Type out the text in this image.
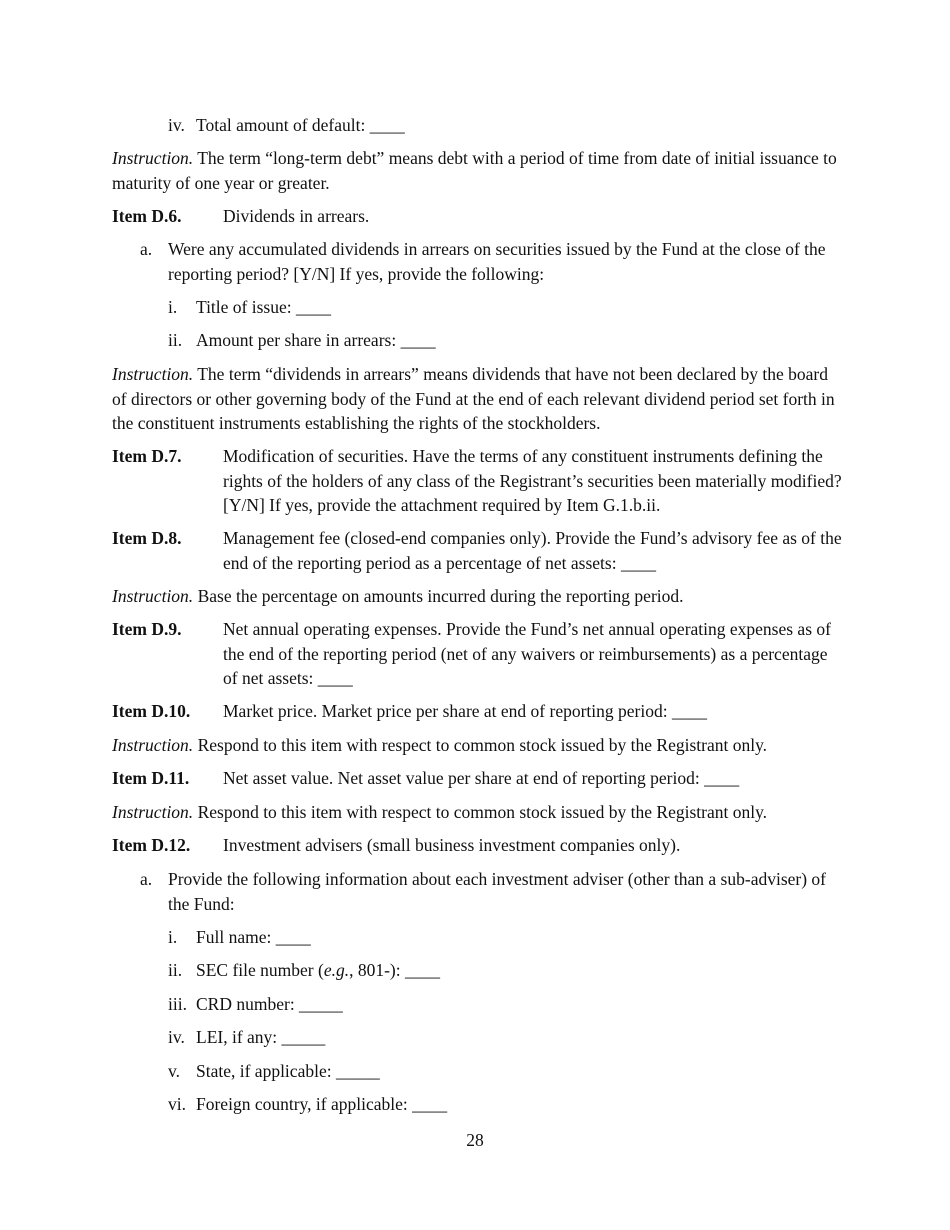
iv. Total amount of default: ____
Instruction. The term “long-term debt” means debt with a period of time from date of initial issuance to maturity of one year or greater.
Item D.6.	Dividends in arrears.
a. Were any accumulated dividends in arrears on securities issued by the Fund at the close of the reporting period? [Y/N] If yes, provide the following:
i. Title of issue: ____
ii. Amount per share in arrears: ____
Instruction. The term “dividends in arrears” means dividends that have not been declared by the board of directors or other governing body of the Fund at the end of each relevant dividend period set forth in the constituent instruments establishing the rights of the stockholders.
Item D.7.	Modification of securities. Have the terms of any constituent instruments defining the rights of the holders of any class of the Registrant’s securities been materially modified? [Y/N] If yes, provide the attachment required by Item G.1.b.ii.
Item D.8.	Management fee (closed-end companies only). Provide the Fund’s advisory fee as of the end of the reporting period as a percentage of net assets: ____
Instruction. Base the percentage on amounts incurred during the reporting period.
Item D.9.	Net annual operating expenses. Provide the Fund’s net annual operating expenses as of the end of the reporting period (net of any waivers or reimbursements) as a percentage of net assets: ____
Item D.10.	Market price. Market price per share at end of reporting period: ____
Instruction. Respond to this item with respect to common stock issued by the Registrant only.
Item D.11.	Net asset value. Net asset value per share at end of reporting period: ____
Instruction. Respond to this item with respect to common stock issued by the Registrant only.
Item D.12.	Investment advisers (small business investment companies only).
a. Provide the following information about each investment adviser (other than a sub-adviser) of the Fund:
i. Full name: ____
ii. SEC file number (e.g., 801-): ____
iii. CRD number: _____
iv. LEI, if any: _____
v. State, if applicable: _____
vi. Foreign country, if applicable: ____
28
